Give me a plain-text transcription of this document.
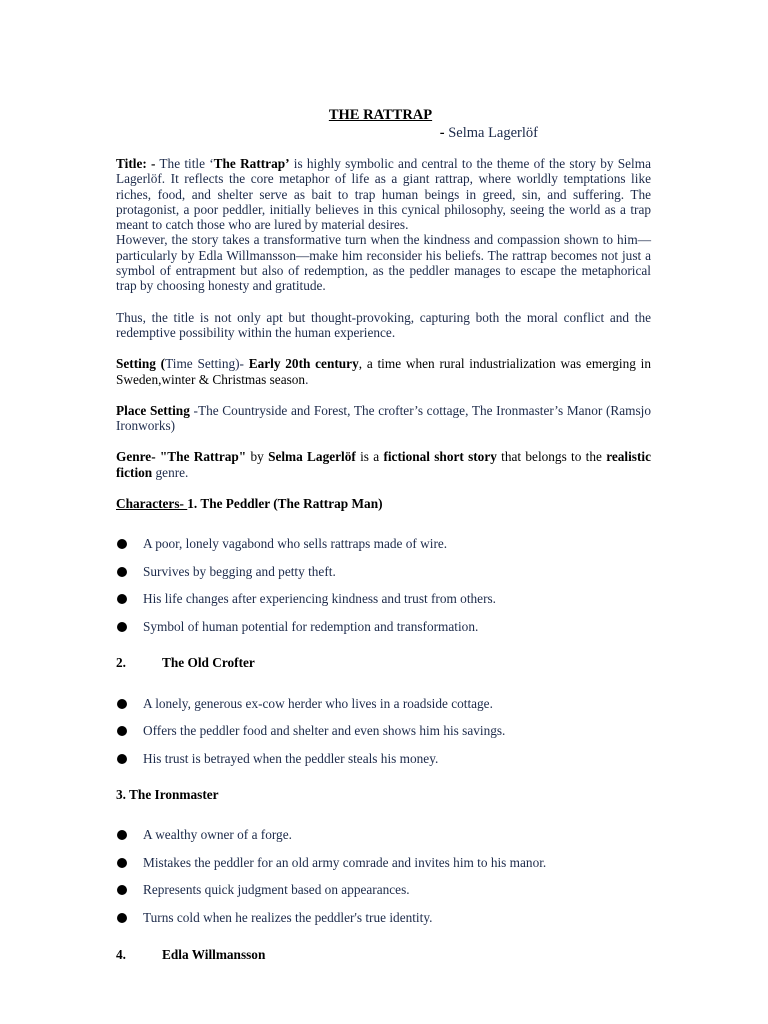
THE RATTRAP
- Selma Lagerlöf

Title: - The title ‘The Rattrap’ is highly symbolic and central to the theme of the story by Selma Lagerlöf. It reflects the core metaphor of life as a giant rattrap, where worldly temptations like riches, food, and shelter serve as bait to trap human beings in greed, sin, and suffering. The protagonist, a poor peddler, initially believes in this cynical philosophy, seeing the world as a trap meant to catch those who are lured by material desires.

However, the story takes a transformative turn when the kindness and compassion shown to him—particularly by Edla Willmansson—make him reconsider his beliefs. The rattrap becomes not just a symbol of entrapment but also of redemption, as the peddler manages to escape the metaphorical trap by choosing honesty and gratitude.

Thus, the title is not only apt but thought-provoking, capturing both the moral conflict and the redemptive possibility within the human experience.

Setting (Time Setting)- Early 20th century, a time when rural industrialization was emerging in Sweden,winter & Christmas season.

Place Setting -The Countryside and Forest, The crofter’s cottage, The Ironmaster’s Manor (Ramsjo Ironworks)

Genre- "The Rattrap" by Selma Lagerlöf is a fictional short story that belongs to the realistic fiction genre.

Characters- 1. The Peddler (The Rattrap Man)

A poor, lonely vagabond who sells rattraps made of wire.
Survives by begging and petty theft.
His life changes after experiencing kindness and trust from others.
Symbol of human potential for redemption and transformation.
2.	The Old Crofter
A lonely, generous ex-cow herder who lives in a roadside cottage.
Offers the peddler food and shelter and even shows him his savings.
His trust is betrayed when the peddler steals his money.
3. The Ironmaster
A wealthy owner of a forge.
Mistakes the peddler for an old army comrade and invites him to his manor.
Represents quick judgment based on appearances.
Turns cold when he realizes the peddler's true identity.
4.	Edla Willmansson
